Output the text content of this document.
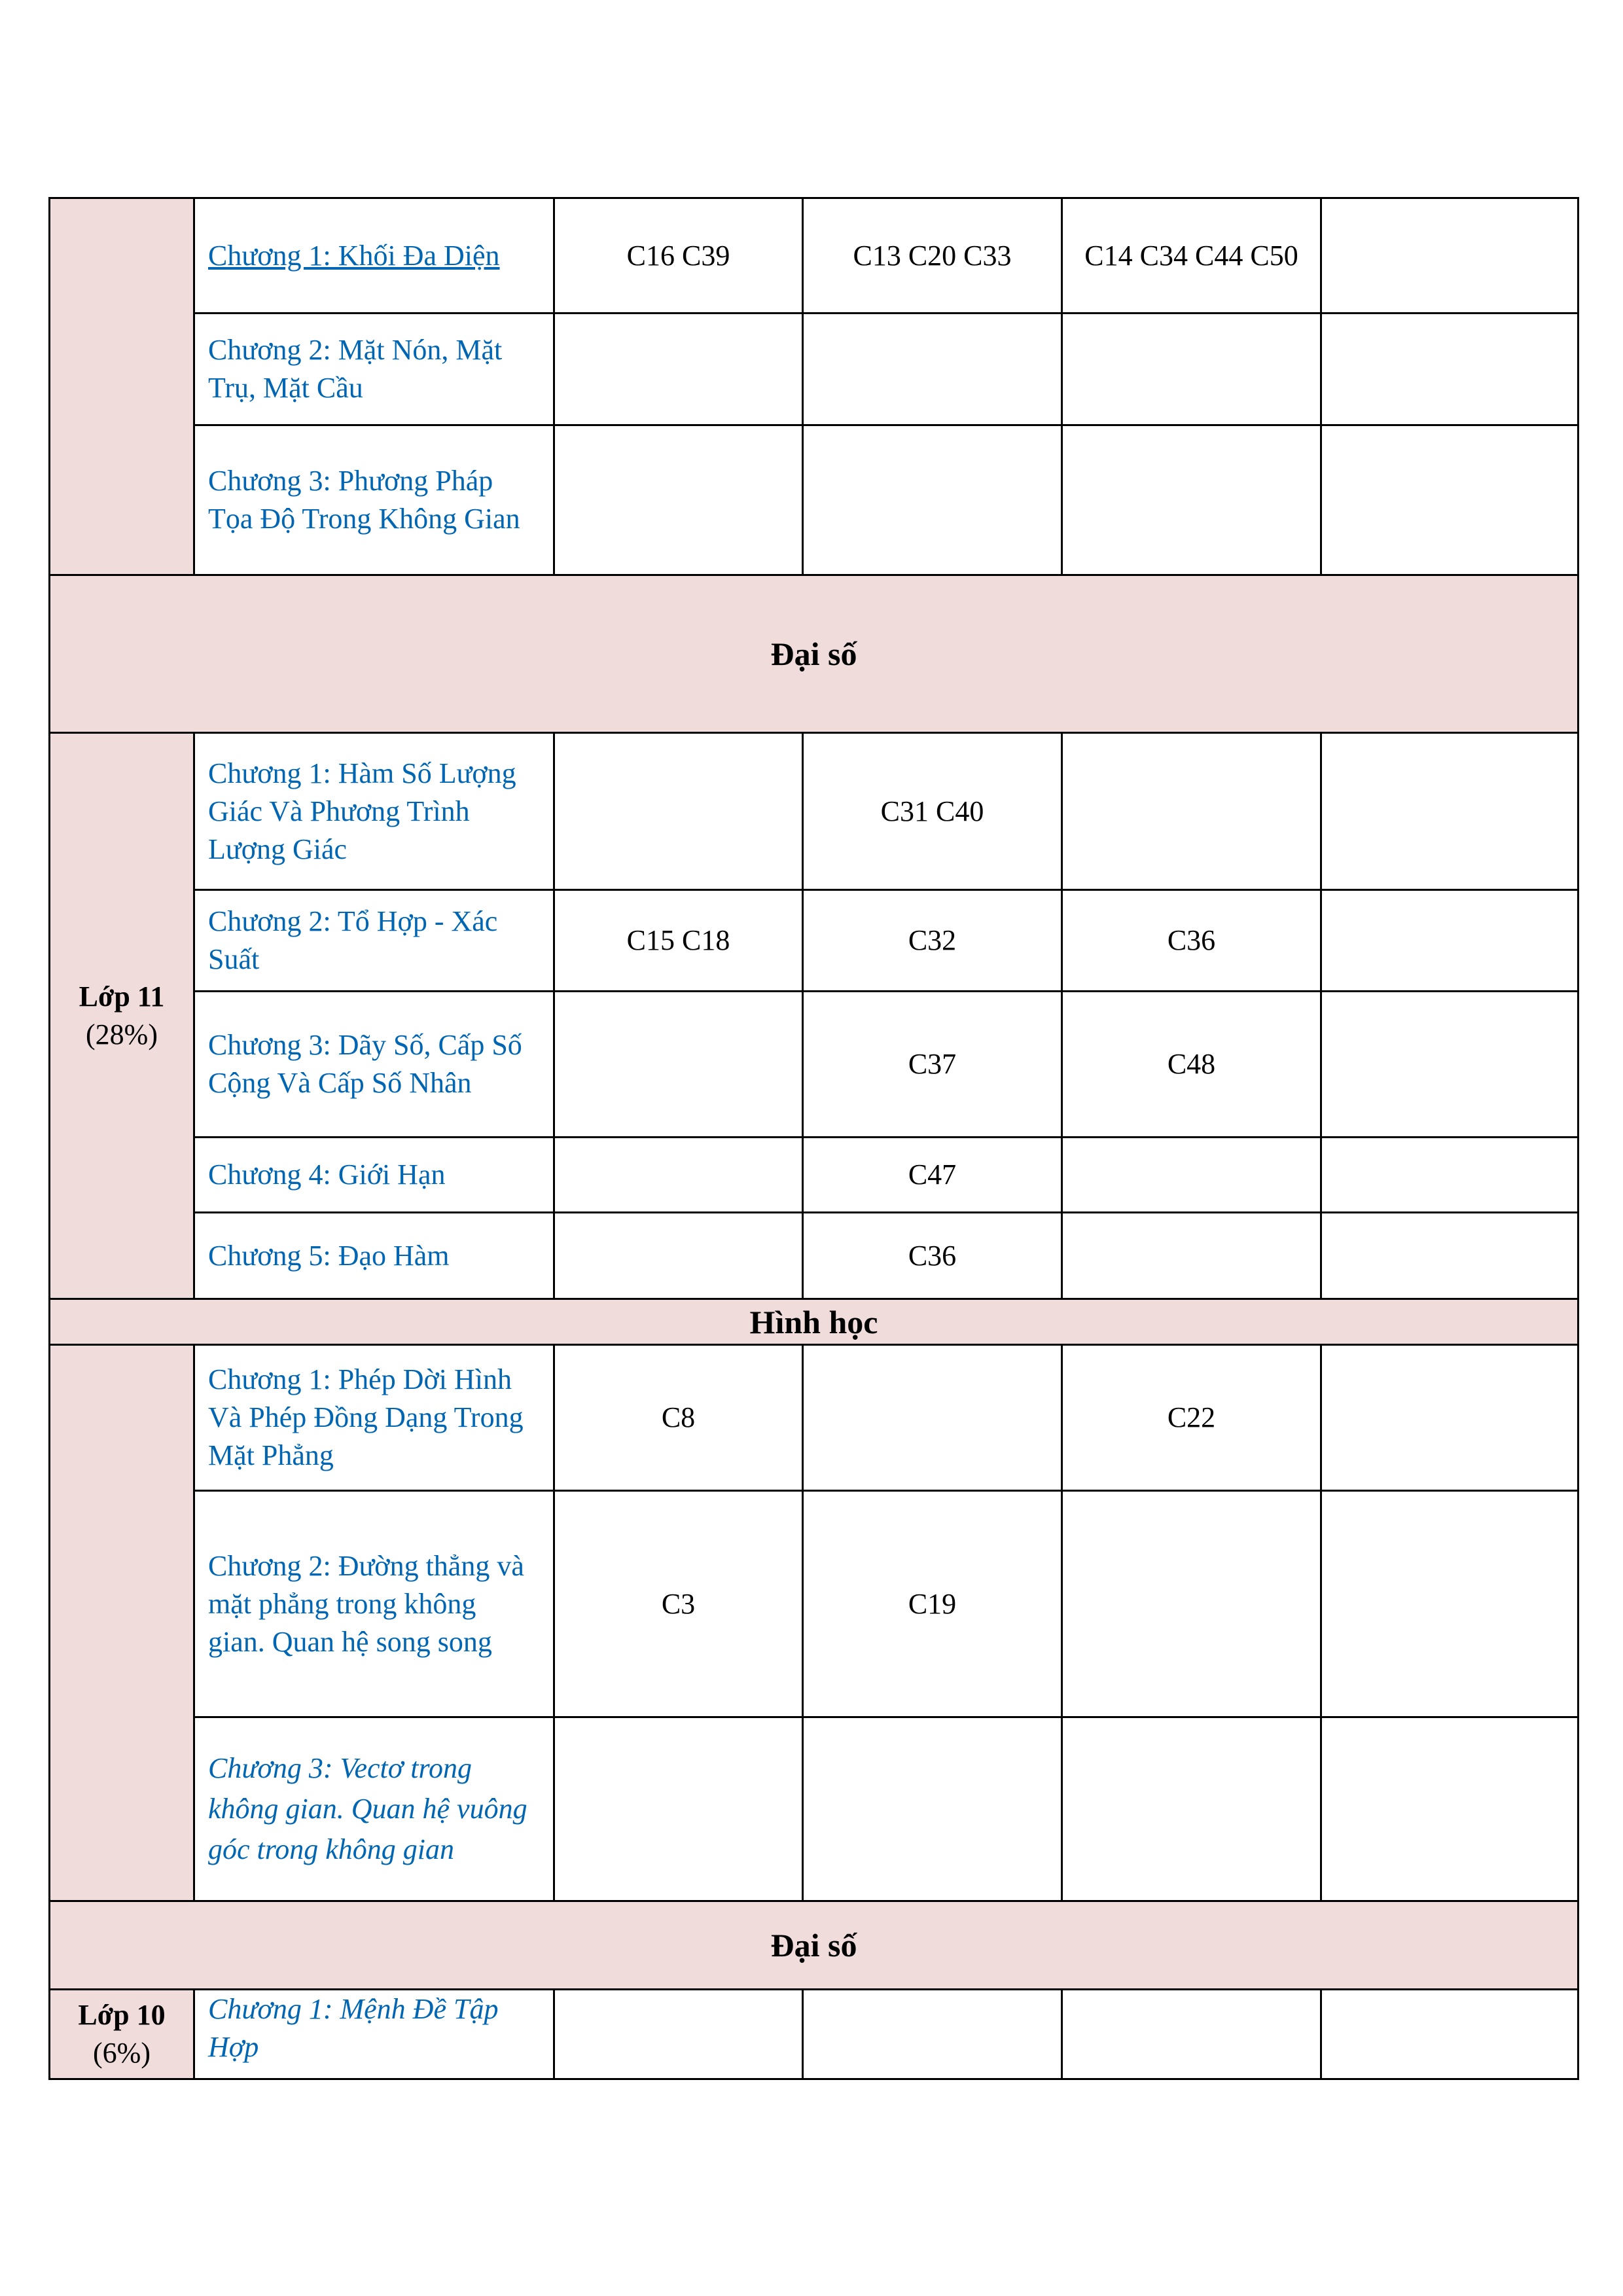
	Chương 1: Khối Đa Diện	C16 C39	C13 C20 C33	C14 C34 C44 C50	
	Chương 2: Mặt Nón, Mặt Trụ, Mặt Cầu				
	Chương 3: Phương Pháp Tọa Độ Trong Không Gian				
Đại số					
Lớp 11
(28%)	Chương 1: Hàm Số Lượng Giác Và Phương Trình Lượng Giác		C31 C40		
	Chương 2: Tổ Hợp - Xác Suất	C15 C18	C32	C36	
	Chương 3: Dãy Số, Cấp Số Cộng Và Cấp Số Nhân		C37	C48	
	Chương 4: Giới Hạn		C47		
	Chương 5: Đạo Hàm		C36		
Hình học					
	Chương 1: Phép Dời Hình Và Phép Đồng Dạng Trong Mặt Phẳng	C8		C22	
	Chương 2: Đường thẳng và mặt phẳng trong không gian. Quan hệ song song	C3	C19		
	Chương 3: Vectơ trong không gian. Quan hệ vuông góc trong không gian				
Đại số					
Lớp 10
(6%)	Chương 1: Mệnh Đề Tập Hợp				
